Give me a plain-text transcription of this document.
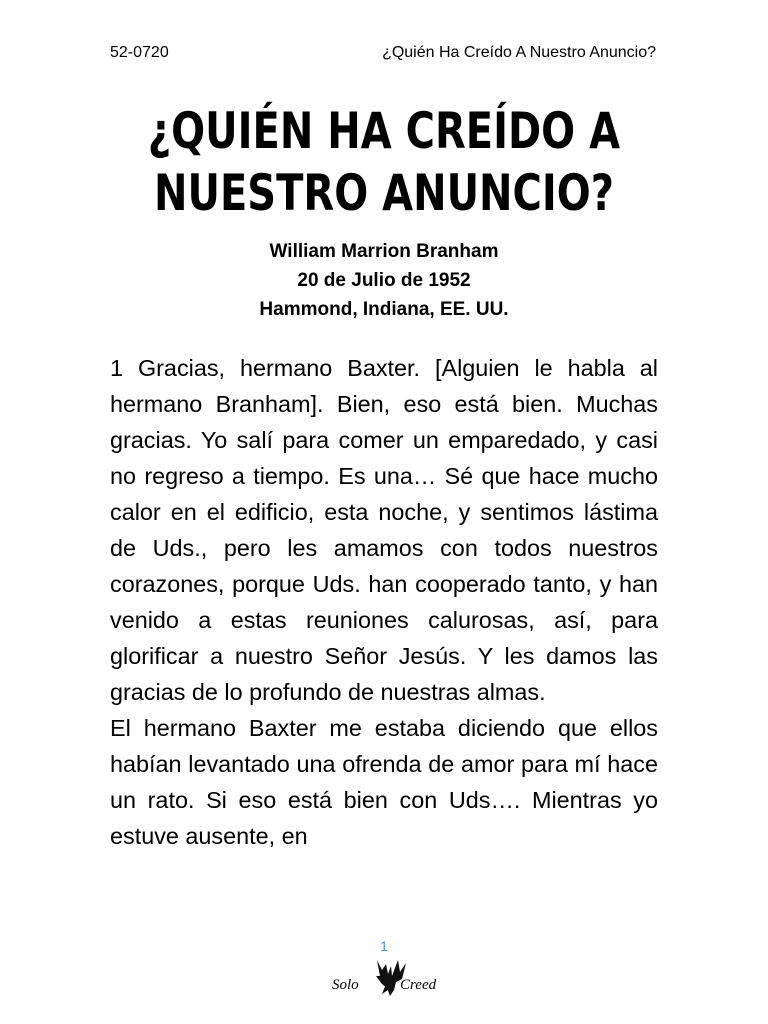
52-0720	¿Quién Ha Creído A Nuestro Anuncio?
¿QUIÉN HA CREÍDO A
NUESTRO ANUNCIO?
William Marrion Branham
20 de Julio de 1952
Hammond, Indiana, EE. UU.

1 Gracias, hermano Baxter. [Alguien le habla al hermano Branham]. Bien, eso está bien. Muchas gracias. Yo salí para comer un emparedado, y casi no regreso a tiempo. Es una… Sé que hace mucho calor en el edificio, esta noche, y sentimos lástima de Uds., pero les amamos con todos nuestros corazones, porque Uds. han cooperado tanto, y han venido a estas reuniones calurosas, así, para glorificar a nuestro Señor Jesús. Y les damos las gracias de lo profundo de nuestras almas.

El hermano Baxter me estaba diciendo que ellos habían levantado una ofrenda de amor para mí hace un rato. Si eso está bien con Uds…. Mientras yo estuve ausente, en

1
Solo	Creed
